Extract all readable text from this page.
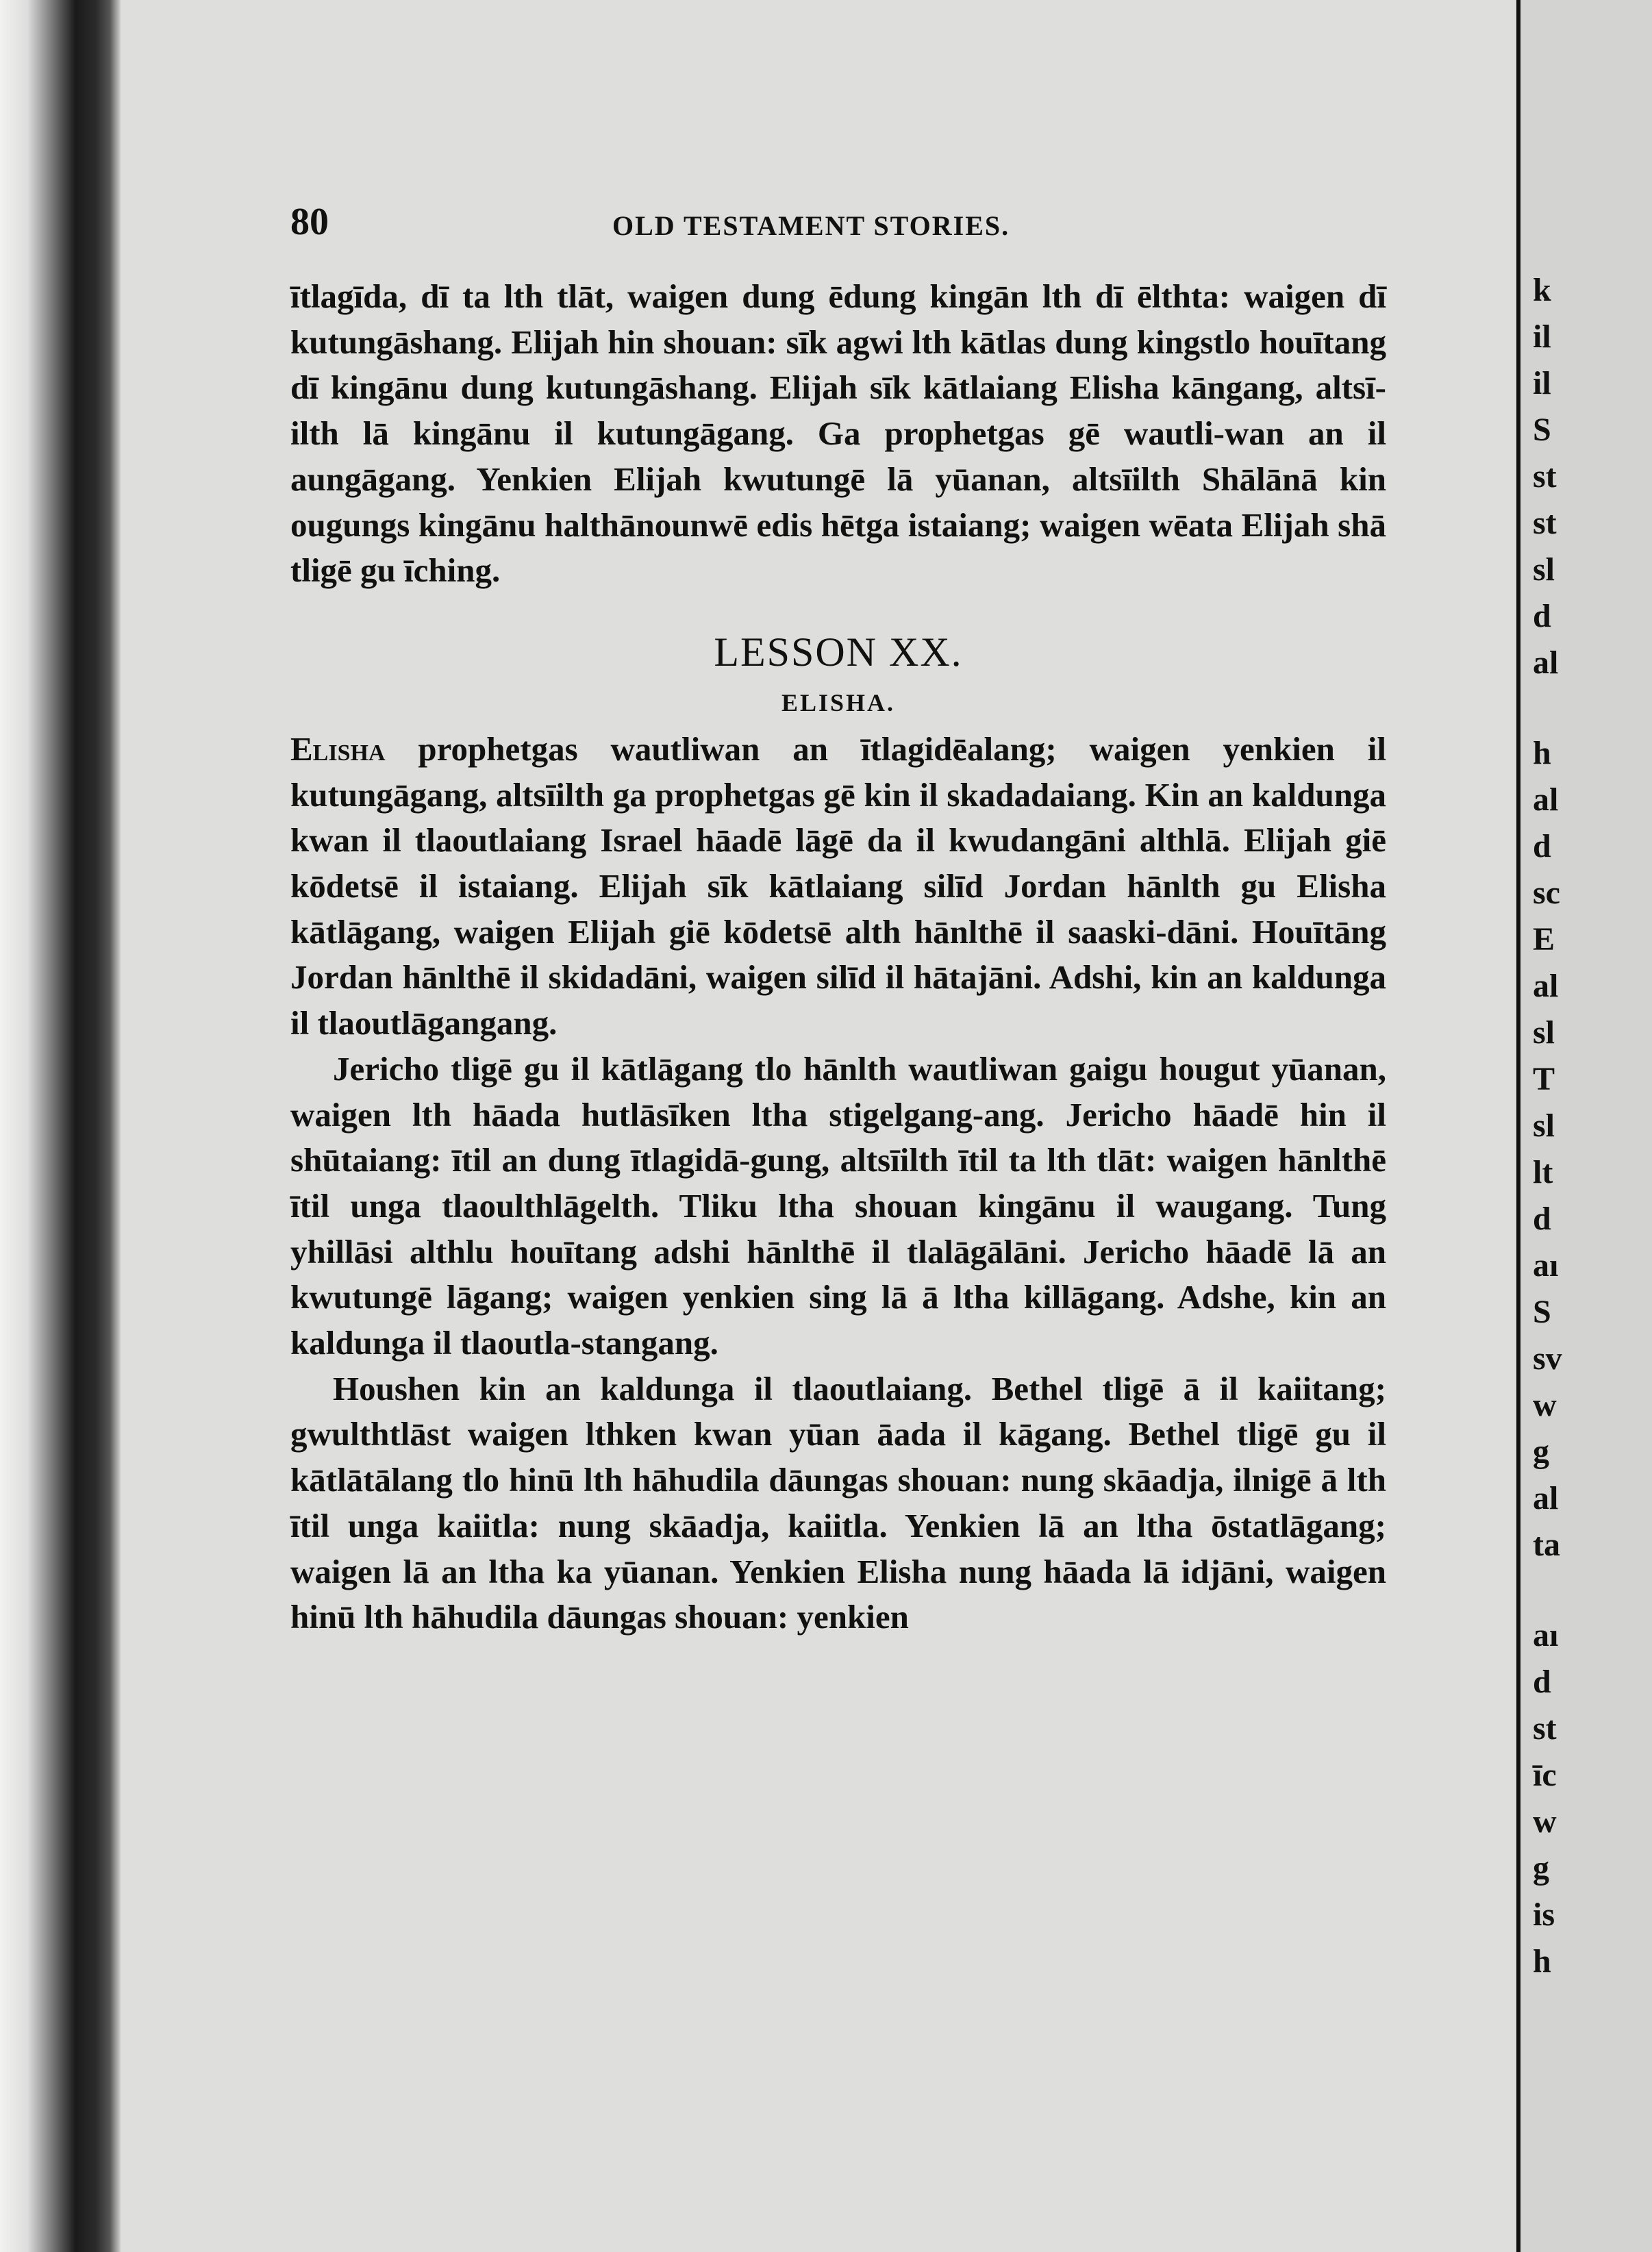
k
il
il
S
st
st
sl
d
al
h
al
d
sc
E
al
sl
T
sl
lt
d
aı
S
sv
w
g
al
ta
aı
d
st
īc
w
g
is
h
80	OLD TESTAMENT STORIES.

ītlagīda, dī ta lth tlāt, waigen dung ēdung kingān lth dī ēlthta: waigen dī kutungāshang. Elijah hin shouan: sīk agwi lth kātlas dung kingstlo houītang dī kingānu dung kutungāshang. Elijah sīk kātlaiang Elisha kāngang, altsī-ilth lā kingānu il kutungāgang. Ga prophetgas gē wautli-wan an il aungāgang. Yenkien Elijah kwutungē lā yūanan, altsīilth Shālānā kin ougungs kingānu halthānounwē edis hētga istaiang; waigen wēata Elijah shā tligē gu īching.

LESSON XX.
ELISHA.

Elisha prophetgas wautliwan an ītlagidēalang; waigen yenkien il kutungāgang, altsīilth ga prophetgas gē kin il skadadaiang. Kin an kaldunga kwan il tlaoutlaiang Israel hāadē lāgē da il kwudangāni althlā. Elijah giē kōdetsē il istaiang. Elijah sīk kātlaiang silīd Jordan hānlth gu Elisha kātlāgang, waigen Elijah giē kōdetsē alth hānlthē il saaski-dāni. Houītāng Jordan hānlthē il skidadāni, waigen silīd il hātajāni. Adshi, kin an kaldunga il tlaoutlāgangang.

Jericho tligē gu il kātlāgang tlo hānlth wautliwan gaigu hougut yūanan, waigen lth hāada hutlāsīken ltha stigelgang-ang. Jericho hāadē hin il shūtaiang: ītil an dung ītlagidā-gung, altsīilth ītil ta lth tlāt: waigen hānlthē ītil unga tlaoulthlāgelth. Tliku ltha shouan kingānu il waugang. Tung yhillāsi althlu houītang adshi hānlthē il tlalāgālāni. Jericho hāadē lā an kwutungē lāgang; waigen yenkien sing lā ā ltha killāgang. Adshe, kin an kaldunga il tlaoutla-stangang.

Houshen kin an kaldunga il tlaoutlaiang. Bethel tligē ā il kaiitang; gwulthtlāst waigen lthken kwan yūan āada il kāgang. Bethel tligē gu il kātlātālang tlo hinū lth hāhudila dāungas shouan: nung skāadja, ilnigē ā lth ītil unga kaiitla: nung skāadja, kaiitla. Yenkien lā an ltha ōstatlāgang; waigen lā an ltha ka yūanan. Yenkien Elisha nung hāada lā idjāni, waigen hinū lth hāhudila dāungas shouan: yenkien
